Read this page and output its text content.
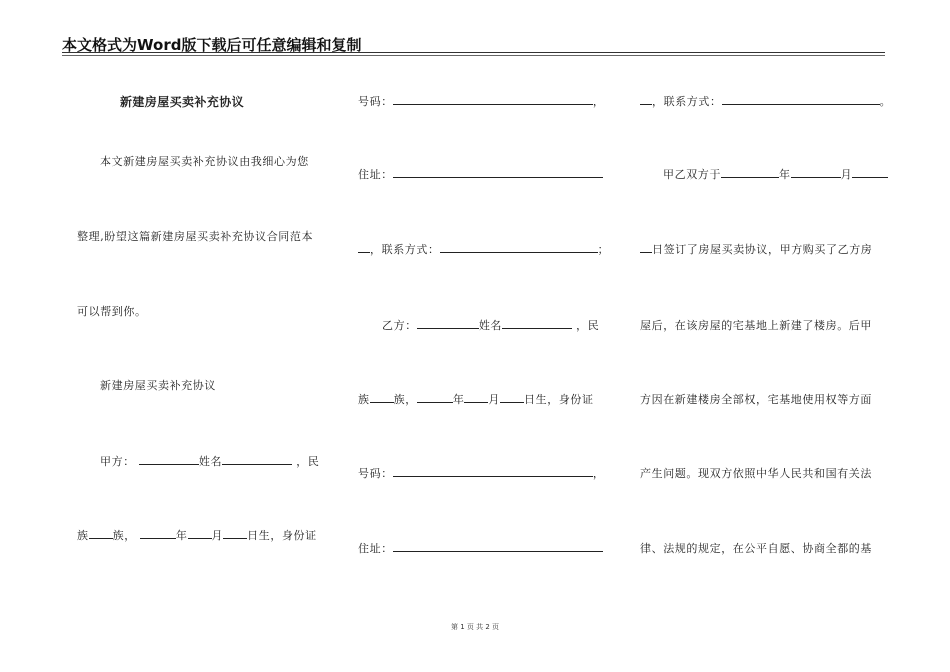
本文格式为Word版下载后可任意编辑和复制
新建房屋买卖补充协议
本文新建房屋买卖补充协议由我细心为您
整理,盼望这篇新建房屋买卖补充协议合同范本
可以帮到你。
新建房屋买卖补充协议
甲方：	姓名	，民
族 族，	年 月 日生，身份证
号码：	，
住址：
，联系方式：	；
乙方：	姓名	，民
族 族，	年 月 日生，身份证
号码：	，
住址：
，联系方式：	。
甲乙双方于	年	月
日签订了房屋买卖协议，甲方购买了乙方房
屋后，在该房屋的宅基地上新建了楼房。后甲
方因在新建楼房全部权，宅基地使用权等方面
产生问题。现双方依照中华人民共和国有关法
律、法规的规定，在公平自愿、协商全都的基
第 1 页 共 2 页
